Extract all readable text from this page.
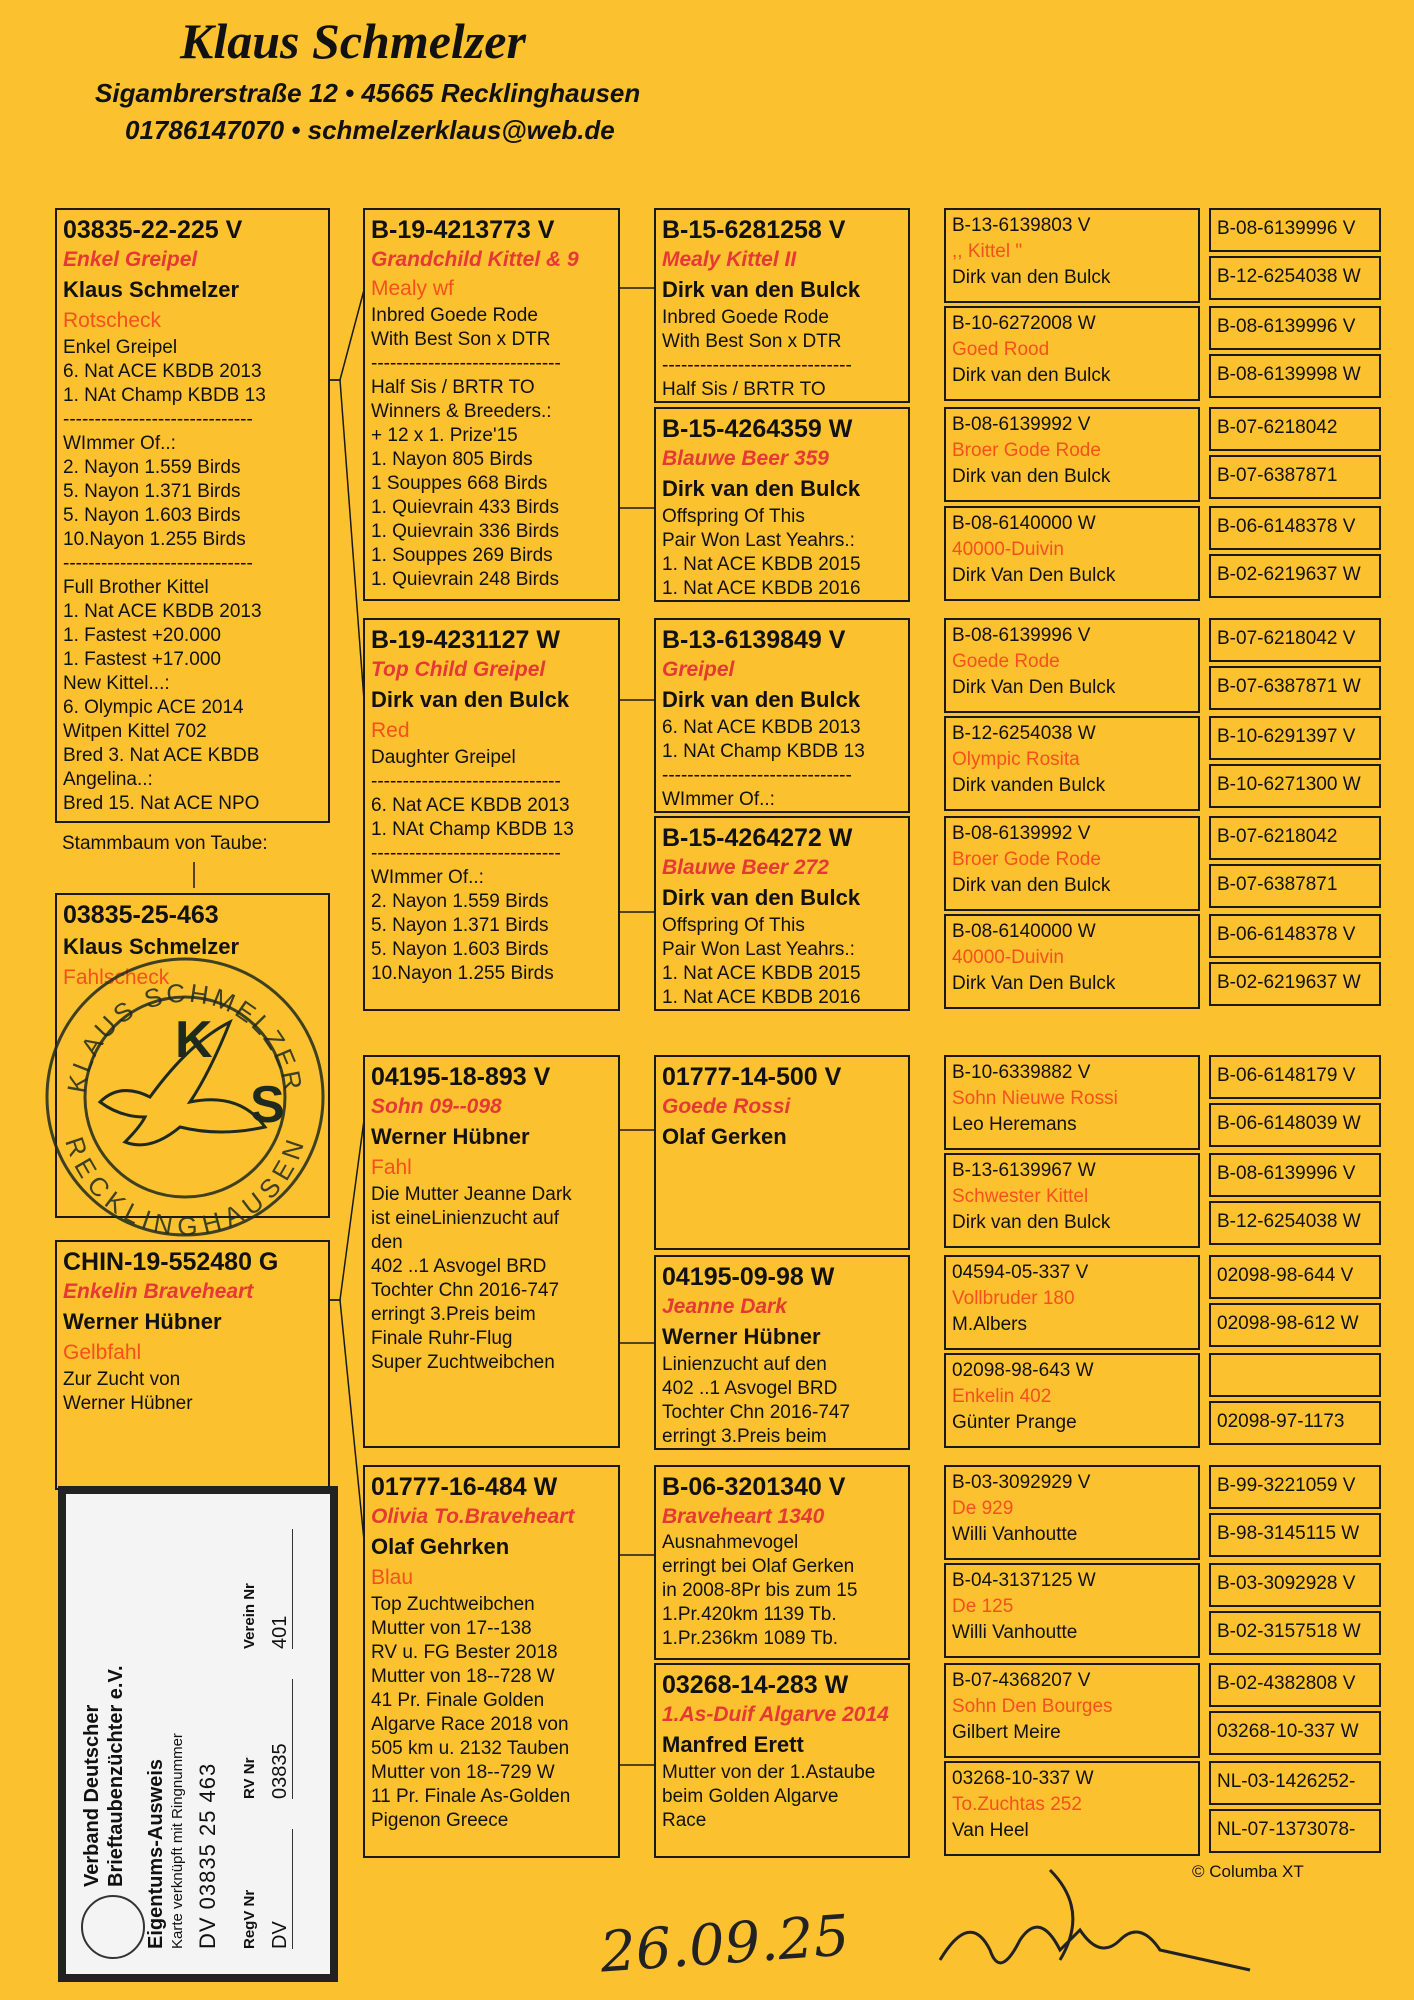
Klaus Schmelzer
Sigambrerstraße 12 • 45665 Recklinghausen
01786147070 • schmelzerklaus@web.de
03835-22-225 V
Enkel Greipel
Klaus Schmelzer
Rotscheck
Enkel Greipel
6. Nat ACE KBDB 2013
1. NAt Champ KBDB 13
------------------------------
WImmer Of..:
2. Nayon 1.559 Birds
5. Nayon 1.371 Birds
5. Nayon 1.603 Birds
10.Nayon 1.255 Birds
------------------------------
Full Brother Kittel
1. Nat ACE KBDB 2013
1. Fastest +20.000
1. Fastest +17.000
New Kittel...:
6. Olympic ACE 2014
Witpen Kittel 702
Bred 3. Nat ACE KBDB
Angelina..:
Bred 15. Nat ACE NPO
Stammbaum von Taube:
03835-25-463
Klaus Schmelzer
Fahlscheck
CHIN-19-552480 G
Enkelin Braveheart
Werner Hübner
Gelbfahl
Zur Zucht von
Werner Hübner
KLAUS SCHMELZER
RECKLINGHAUSEN
K
S
B-19-4213773 V
Grandchild Kittel & 9
Mealy wf
Inbred Goede Rode
With Best Son x DTR
------------------------------
Half Sis / BRTR TO
Winners & Breeders.:
+ 12 x 1. Prize'15
1. Nayon 805 Birds
1 Souppes 668 Birds
1. Quievrain 433 Birds
1. Quievrain 336 Birds
1. Souppes 269 Birds
1. Quievrain 248 Birds
B-19-4231127 W
Top Child Greipel
Dirk van den Bulck
Red
Daughter Greipel
------------------------------
6. Nat ACE KBDB 2013
1. NAt Champ KBDB 13
------------------------------
WImmer Of..:
2. Nayon 1.559 Birds
5. Nayon 1.371 Birds
5. Nayon 1.603 Birds
10.Nayon 1.255 Birds
04195-18-893 V
Sohn 09--098
Werner Hübner
Fahl
Die Mutter Jeanne Dark
ist eineLinienzucht auf
den
402 ..1 Asvogel BRD
Tochter Chn 2016-747
erringt 3.Preis beim
Finale Ruhr-Flug
Super Zuchtweibchen
01777-16-484 W
Olivia To.Braveheart
Olaf Gehrken
Blau
Top Zuchtweibchen
Mutter von 17--138
RV u. FG Bester 2018
Mutter von 18--728 W
41 Pr. Finale Golden
Algarve Race 2018 von
505 km u. 2132 Tauben
Mutter von 18--729 W
11 Pr. Finale As-Golden
Pigenon Greece
B-15-6281258 V
Mealy Kittel II
Dirk van den Bulck
Inbred Goede Rode
With Best Son x DTR
------------------------------
Half Sis / BRTR TO
B-15-4264359 W
Blauwe Beer 359
Dirk van den Bulck
Offspring Of This
Pair Won Last Yeahrs.:
1. Nat ACE KBDB 2015
1. Nat ACE KBDB 2016
B-13-6139849 V
Greipel
Dirk van den Bulck
6. Nat ACE KBDB 2013
1. NAt Champ KBDB 13
------------------------------
WImmer Of..:
B-15-4264272 W
Blauwe Beer 272
Dirk van den Bulck
Offspring Of This
Pair Won Last Yeahrs.:
1. Nat ACE KBDB 2015
1. Nat ACE KBDB 2016
01777-14-500 V
Goede Rossi
Olaf Gerken
04195-09-98 W
Jeanne Dark
Werner Hübner
Linienzucht auf den
402 ..1 Asvogel BRD
Tochter Chn 2016-747
erringt 3.Preis beim
B-06-3201340 V
Braveheart 1340
Ausnahmevogel
erringt bei Olaf Gerken
in 2008-8Pr bis zum 15
1.Pr.420km 1139 Tb.
1.Pr.236km 1089 Tb.
03268-14-283 W
1.As-Duif Algarve 2014
Manfred Erett
Mutter von der 1.Astaube
beim Golden Algarve
Race
B-13-6139803 V
,, Kittel "
Dirk van den Bulck
B-10-6272008 W
Goed Rood
Dirk van den Bulck
B-08-6139992 V
Broer Gode Rode
Dirk van den Bulck
B-08-6140000 W
40000-Duivin
Dirk Van Den Bulck
B-08-6139996 V
Goede Rode
Dirk Van Den Bulck
B-12-6254038 W
Olympic Rosita
Dirk vanden Bulck
B-08-6139992 V
Broer Gode Rode
Dirk van den Bulck
B-08-6140000 W
40000-Duivin
Dirk Van Den Bulck
B-10-6339882 V
Sohn Nieuwe Rossi
Leo Heremans
B-13-6139967 W
Schwester Kittel
Dirk van den Bulck
04594-05-337 V
Vollbruder 180
M.Albers
02098-98-643 W
Enkelin 402
Günter Prange
B-03-3092929 V
De 929
Willi Vanhoutte
B-04-3137125 W
De 125
Willi Vanhoutte
B-07-4368207 V
Sohn Den Bourges
Gilbert Meire
03268-10-337 W
To.Zuchtas 252
Van Heel
B-08-6139996 V
B-12-6254038 W
B-08-6139996 V
B-08-6139998 W
B-07-6218042
B-07-6387871
B-06-6148378 V
B-02-6219637 W
B-07-6218042 V
B-07-6387871 W
B-10-6291397 V
B-10-6271300 W
B-07-6218042
B-07-6387871
B-06-6148378 V
B-02-6219637 W
B-06-6148179 V
B-06-6148039 W
B-08-6139996 V
B-12-6254038 W
02098-98-644 V
02098-98-612 W
02098-97-1173
B-99-3221059 V
B-98-3145115 W
B-03-3092928 V
B-02-3157518 W
B-02-4382808 V
03268-10-337 W
NL-03-1426252-
NL-07-1373078-
© Columba XT
Verband Deutscher Brieftaubenzüchter e.V. Eigentums-Ausweis Karte verknüpft mit Ringnummer DV 03835 25 463 RegV Nr
RV Nr
Verein Nr
DV
03835
401
26.09.25
